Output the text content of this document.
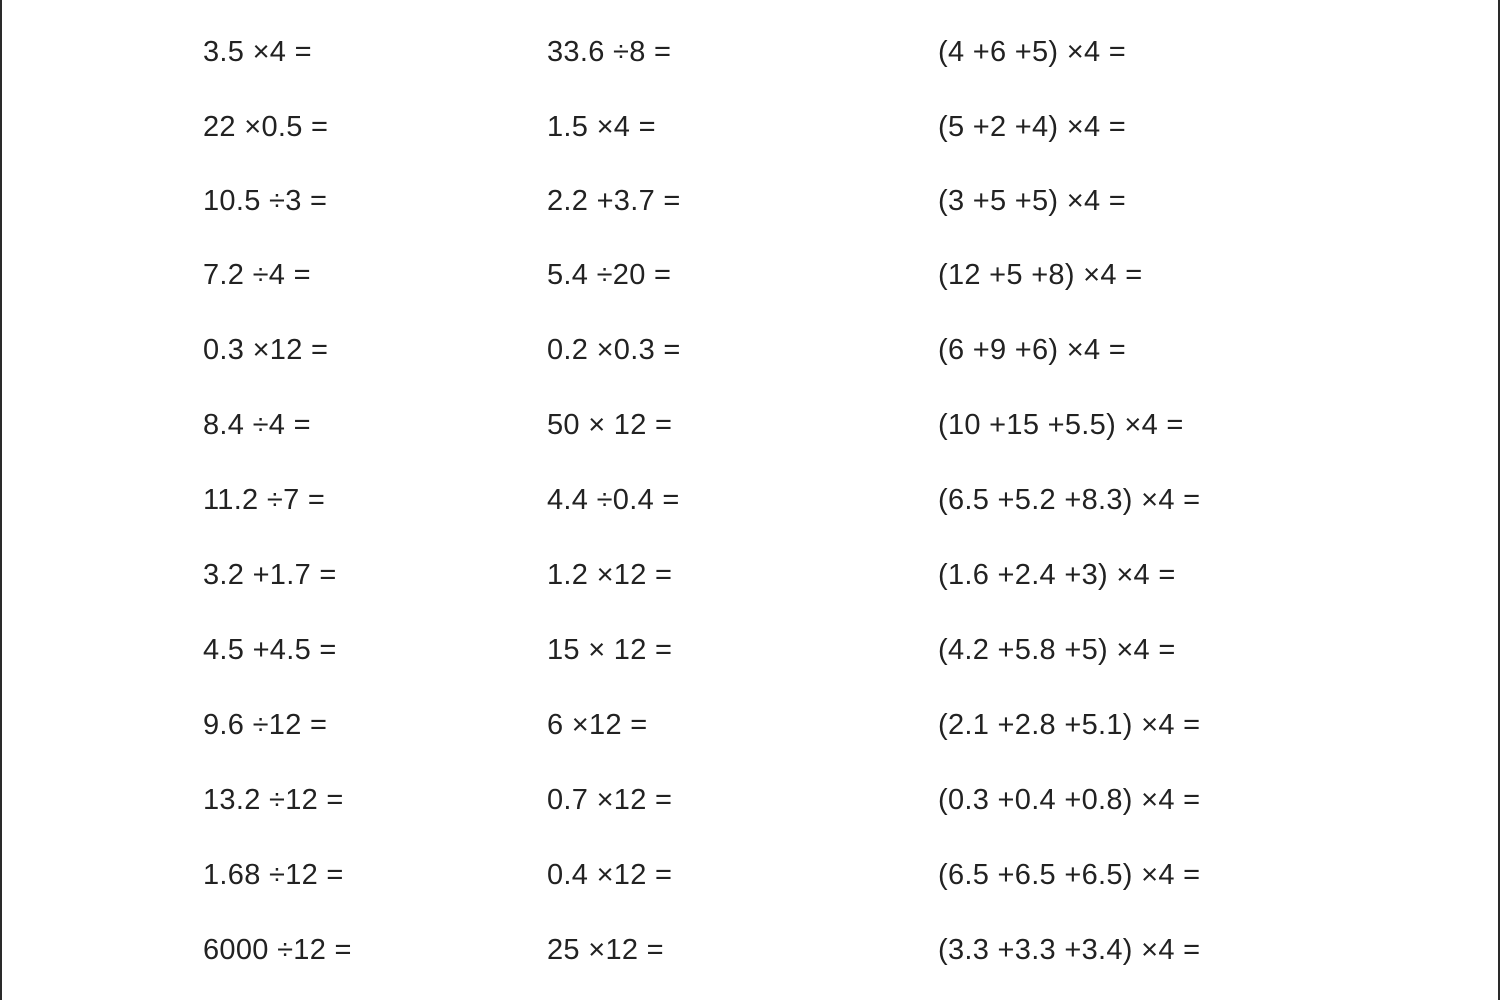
3.5 ×4 =	33.6 ÷8 =	(4 +6 +5) ×4 =
22 ×0.5 =	1.5 ×4 =	(5 +2 +4) ×4 =
10.5 ÷3 =	2.2 +3.7 =	(3 +5 +5) ×4 =
7.2 ÷4 =	5.4 ÷20 =	(12 +5 +8) ×4 =
0.3 ×12 =	0.2 ×0.3 =	(6 +9 +6) ×4 =
8.4 ÷4 =	50 × 12 =	(10 +15 +5.5) ×4 =
11.2 ÷7 =	4.4 ÷0.4 =	(6.5 +5.2 +8.3) ×4 =
3.2 +1.7 =	1.2 ×12 =	(1.6 +2.4 +3) ×4 =
4.5 +4.5 =	15 × 12 =	(4.2 +5.8 +5) ×4 =
9.6 ÷12 =	6 ×12 =	(2.1 +2.8 +5.1) ×4 =
13.2 ÷12 =	0.7 ×12 =	(0.3 +0.4 +0.8) ×4 =
1.68 ÷12 =	0.4 ×12 =	(6.5 +6.5 +6.5) ×4 =
6000 ÷12 =	25 ×12 =	(3.3 +3.3 +3.4) ×4 =
